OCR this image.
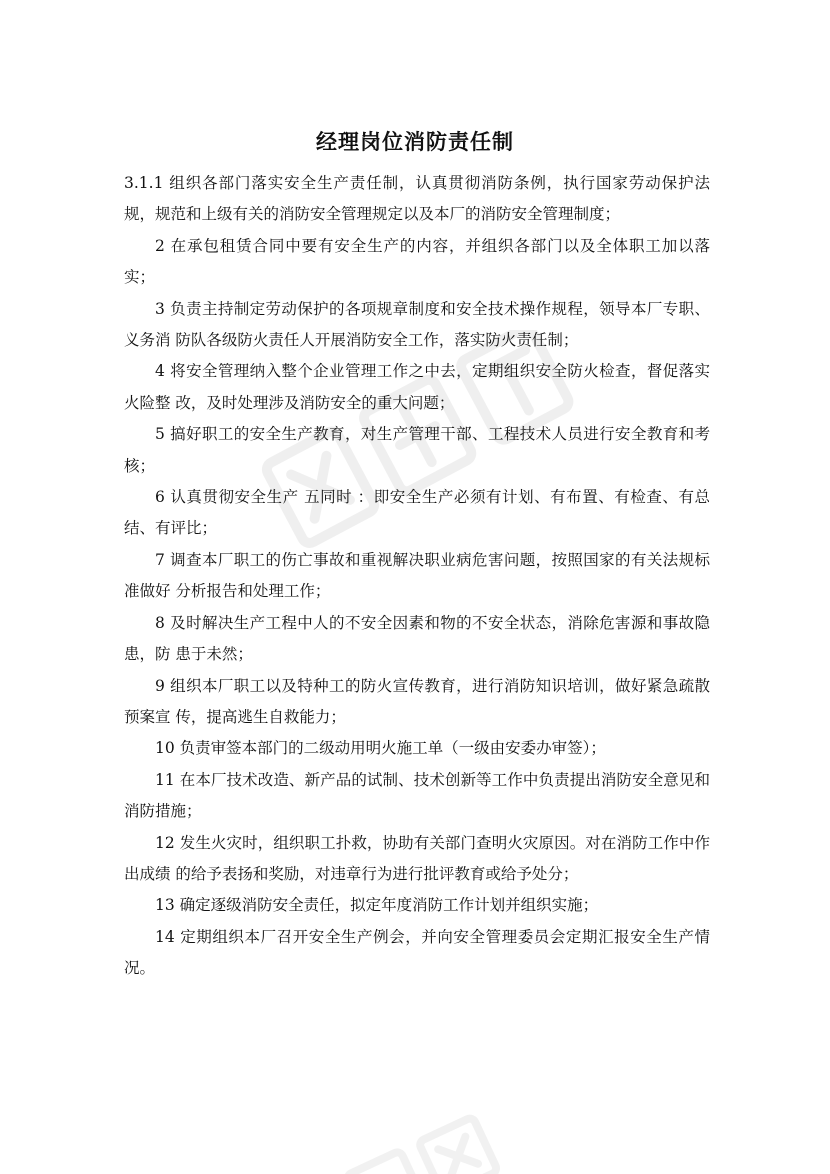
经理岗位消防责任制

3.1.1 组织各部门落实安全生产责任制，认真贯彻消防条例，执行国家劳动保护法规，规范和上级有关的消防安全管理规定以及本厂的消防安全管理制度；

2 在承包租赁合同中要有安全生产的内容，并组织各部门以及全体职工加以落实；

3 负责主持制定劳动保护的各项规章制度和安全技术操作规程，领导本厂专职、义务消 防队各级防火责任人开展消防安全工作，落实防火责任制；

4 将安全管理纳入整个企业管理工作之中去，定期组织安全防火检查，督促落实火险整 改，及时处理涉及消防安全的重大问题；

5 搞好职工的安全生产教育，对生产管理干部、工程技术人员进行安全教育和考核；

6 认真贯彻安全生产 五同时 ：即安全生产必须有计划、有布置、有检查、有总结、有评比；

7 调查本厂职工的伤亡事故和重视解决职业病危害问题，按照国家的有关法规标准做好 分析报告和处理工作；

8 及时解决生产工程中人的不安全因素和物的不安全状态，消除危害源和事故隐患，防 患于未然；

9 组织本厂职工以及特种工的防火宣传教育，进行消防知识培训，做好紧急疏散预案宣 传，提高逃生自救能力；

10 负责审签本部门的二级动用明火施工单（一级由安委办审签）；

11 在本厂技术改造、新产品的试制、技术创新等工作中负责提出消防安全意见和消防措施；

12 发生火灾时，组织职工扑救，协助有关部门查明火灾原因。对在消防工作中作出成绩 的给予表扬和奖励，对违章行为进行批评教育或给予处分；

13 确定逐级消防安全责任，拟定年度消防工作计划并组织实施；

14 定期组织本厂召开安全生产例会，并向安全管理委员会定期汇报安全生产情况。
